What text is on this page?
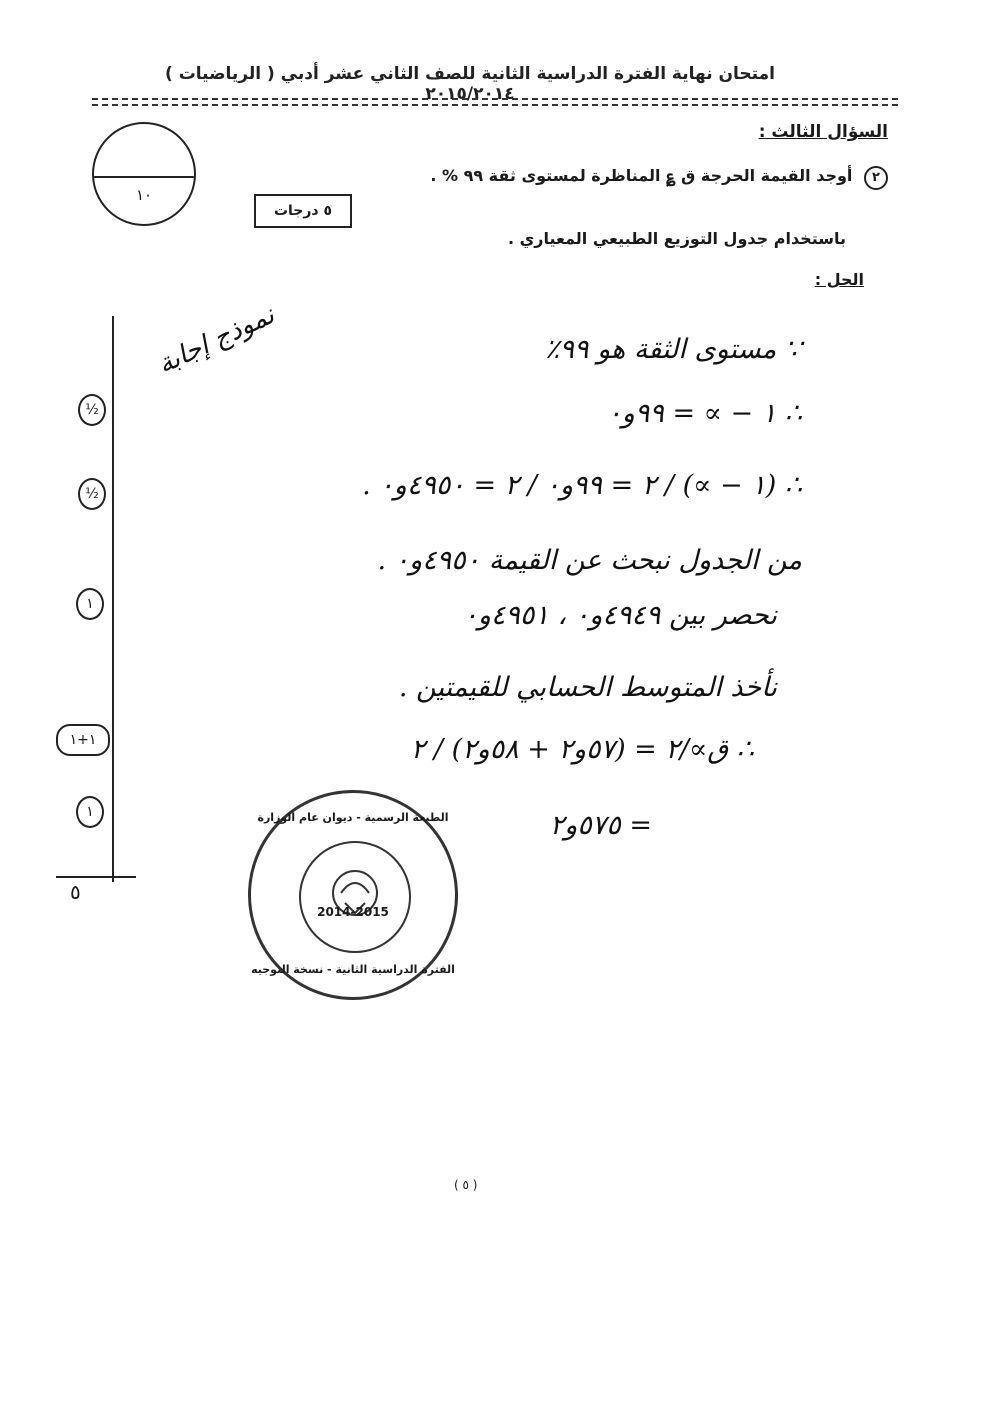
امتحان نهاية الفترة الدراسية الثانية للصف الثاني عشر أدبي ( الرياضيات ) ٢٠١٥/٢٠١٤
١٠
٥ درجات
السؤال الثالث :
٢ أوجد القيمة الحرجة ق ؏ المناظرة لمستوى ثقة ٩٩ % .
باستخدام جدول التوزيع الطبيعي المعياري .
الحل :
نموذج إجابة	∵ مستوى الثقة هو ٩٩٪
∴ ١ − ∝ = ٩٩و٠
∴ (١ − ∝) / ٢ = ٩٩و٠ / ٢ = ٤٩٥٠و٠ .
من الجدول نبحث عن القيمة ٤٩٥٠و٠ .
نحصر بين ٤٩٤٩و٠ ، ٤٩٥١و٠
نأخذ المتوسط الحسابي للقيمتين .
∴ ق∝/٢ = (٥٧و٢ + ٥٨و٢) / ٢
= ٥٧٥و٢
½
½
١
١+١
١
٥
الطبعة الرسمية - ديوان عام الوزارة
2014-2015
الفترة الدراسية الثانية - نسخة التوجيه
( ٥ )
